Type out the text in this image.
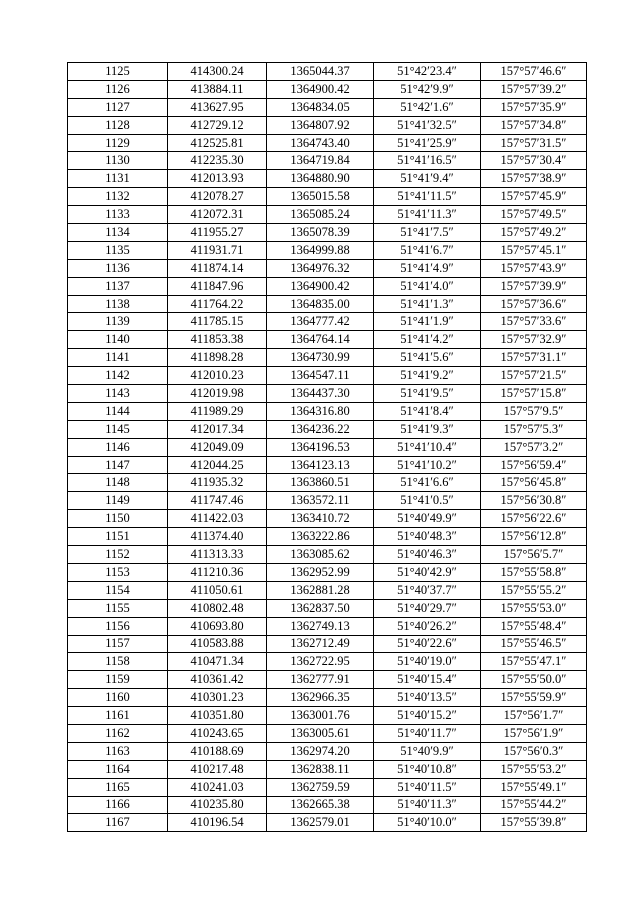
1125	414300.24	1365044.37	51°42′23.4″	157°57′46.6″
1126	413884.11	1364900.42	51°42′9.9″	157°57′39.2″
1127	413627.95	1364834.05	51°42′1.6″	157°57′35.9″
1128	412729.12	1364807.92	51°41′32.5″	157°57′34.8″
1129	412525.81	1364743.40	51°41′25.9″	157°57′31.5″
1130	412235.30	1364719.84	51°41′16.5″	157°57′30.4″
1131	412013.93	1364880.90	51°41′9.4″	157°57′38.9″
1132	412078.27	1365015.58	51°41′11.5″	157°57′45.9″
1133	412072.31	1365085.24	51°41′11.3″	157°57′49.5″
1134	411955.27	1365078.39	51°41′7.5″	157°57′49.2″
1135	411931.71	1364999.88	51°41′6.7″	157°57′45.1″
1136	411874.14	1364976.32	51°41′4.9″	157°57′43.9″
1137	411847.96	1364900.42	51°41′4.0″	157°57′39.9″
1138	411764.22	1364835.00	51°41′1.3″	157°57′36.6″
1139	411785.15	1364777.42	51°41′1.9″	157°57′33.6″
1140	411853.38	1364764.14	51°41′4.2″	157°57′32.9″
1141	411898.28	1364730.99	51°41′5.6″	157°57′31.1″
1142	412010.23	1364547.11	51°41′9.2″	157°57′21.5″
1143	412019.98	1364437.30	51°41′9.5″	157°57′15.8″
1144	411989.29	1364316.80	51°41′8.4″	157°57′9.5″
1145	412017.34	1364236.22	51°41′9.3″	157°57′5.3″
1146	412049.09	1364196.53	51°41′10.4″	157°57′3.2″
1147	412044.25	1364123.13	51°41′10.2″	157°56′59.4″
1148	411935.32	1363860.51	51°41′6.6″	157°56′45.8″
1149	411747.46	1363572.11	51°41′0.5″	157°56′30.8″
1150	411422.03	1363410.72	51°40′49.9″	157°56′22.6″
1151	411374.40	1363222.86	51°40′48.3″	157°56′12.8″
1152	411313.33	1363085.62	51°40′46.3″	157°56′5.7″
1153	411210.36	1362952.99	51°40′42.9″	157°55′58.8″
1154	411050.61	1362881.28	51°40′37.7″	157°55′55.2″
1155	410802.48	1362837.50	51°40′29.7″	157°55′53.0″
1156	410693.80	1362749.13	51°40′26.2″	157°55′48.4″
1157	410583.88	1362712.49	51°40′22.6″	157°55′46.5″
1158	410471.34	1362722.95	51°40′19.0″	157°55′47.1″
1159	410361.42	1362777.91	51°40′15.4″	157°55′50.0″
1160	410301.23	1362966.35	51°40′13.5″	157°55′59.9″
1161	410351.80	1363001.76	51°40′15.2″	157°56′1.7″
1162	410243.65	1363005.61	51°40′11.7″	157°56′1.9″
1163	410188.69	1362974.20	51°40′9.9″	157°56′0.3″
1164	410217.48	1362838.11	51°40′10.8″	157°55′53.2″
1165	410241.03	1362759.59	51°40′11.5″	157°55′49.1″
1166	410235.80	1362665.38	51°40′11.3″	157°55′44.2″
1167	410196.54	1362579.01	51°40′10.0″	157°55′39.8″
